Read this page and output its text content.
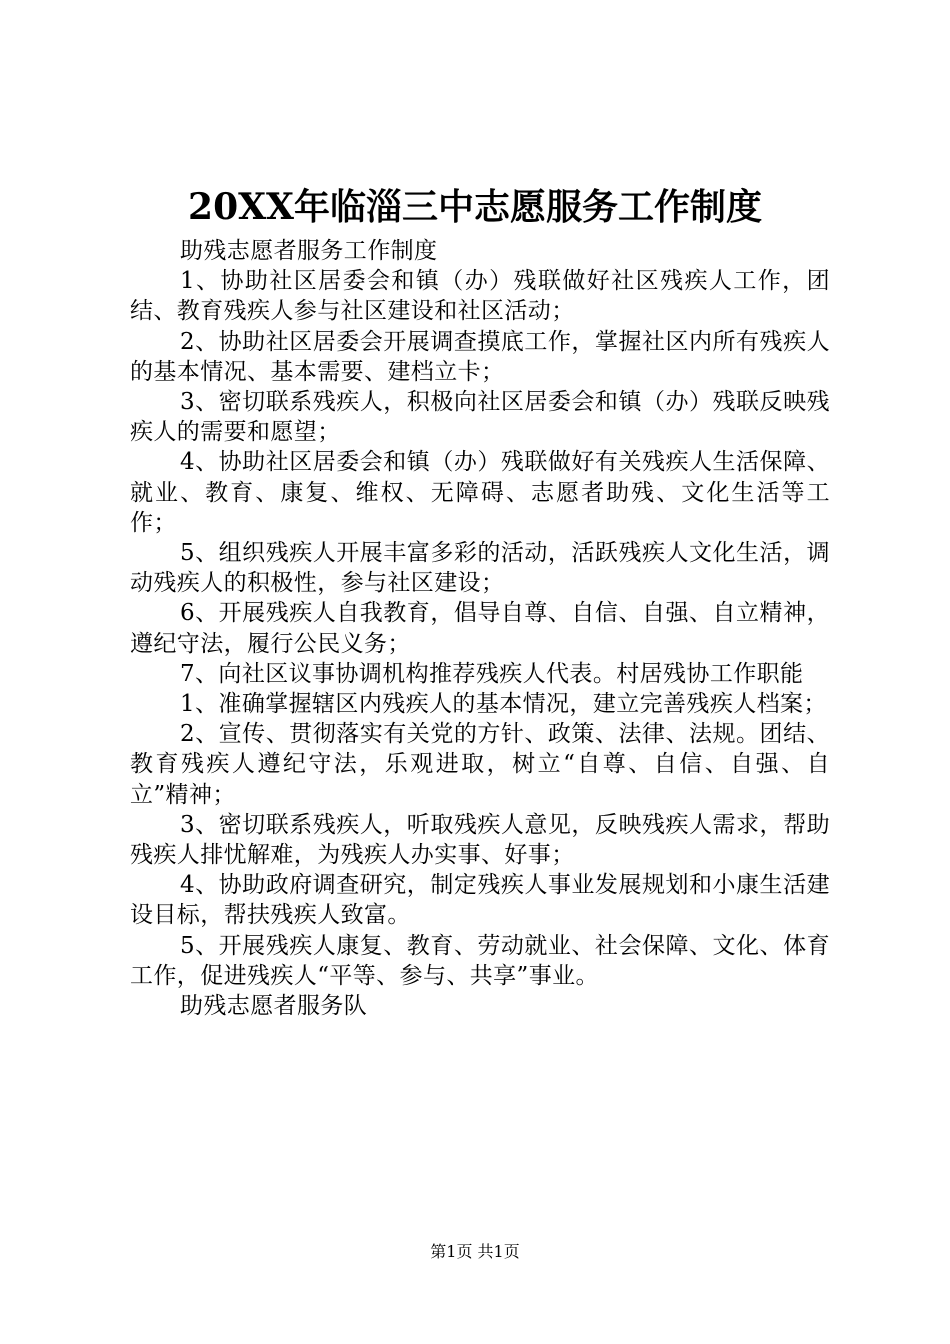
20XX年临淄三中志愿服务工作制度

助残志愿者服务工作制度

1、协助社区居委会和镇（办）残联做好社区残疾人工作，团结、教育残疾人参与社区建设和社区活动；

2、协助社区居委会开展调查摸底工作，掌握社区内所有残疾人的基本情况、基本需要、建档立卡；

3、密切联系残疾人，积极向社区居委会和镇（办）残联反映残疾人的需要和愿望；

4、协助社区居委会和镇（办）残联做好有关残疾人生活保障、就业、教育、康复、维权、无障碍、志愿者助残、文化生活等工作；

5、组织残疾人开展丰富多彩的活动，活跃残疾人文化生活，调动残疾人的积极性，参与社区建设；

6、开展残疾人自我教育，倡导自尊、自信、自强、自立精神，遵纪守法，履行公民义务；

7、向社区议事协调机构推荐残疾人代表。村居残协工作职能

1、准确掌握辖区内残疾人的基本情况，建立完善残疾人档案；

2、宣传、贯彻落实有关党的方针、政策、法律、法规。团结、教育残疾人遵纪守法，乐观进取，树立“自尊、自信、自强、自立”精神；

3、密切联系残疾人，听取残疾人意见，反映残疾人需求，帮助残疾人排忧解难，为残疾人办实事、好事；

4、协助政府调查研究，制定残疾人事业发展规划和小康生活建设目标，帮扶残疾人致富。

5、开展残疾人康复、教育、劳动就业、社会保障、文化、体育工作，促进残疾人“平等、参与、共享”事业。

助残志愿者服务队

第1页 共1页
